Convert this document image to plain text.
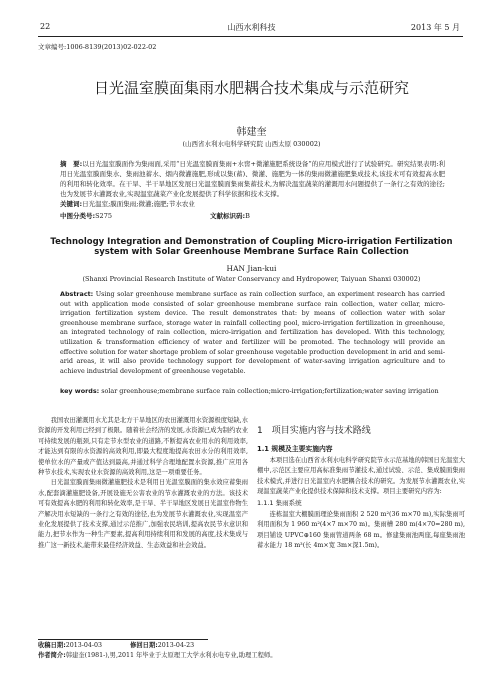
22	山西水利科技	2013 年 5 月
文章编号:1006-8139(2013)02-022-02
日光温室膜面集雨水肥耦合技术集成与示范研究
韩建奎
(山西省水利水电科学研究院 山西太原 030002)
摘　要:以日光温室膜面作为集雨面,采用“日光温室膜面集雨+水窖+微灌施肥系统设备”的应用模式进行了试验研究。研究结果表明:利用日光温室膜面集水、集雨池蓄水、烟内微灌施肥,形成以集(蓄)、微灌、施肥为一体的集雨微灌施肥集成技术,该技术可有效提高水肥的利用和转化效率。在干旱、半干旱地区发展日光温室膜面集雨集蓄技术,为解决温室蔬菜的灌溉用水问题提供了一条行之有效的途径;也为发展节水灌溉农业,实现温室蔬菜产业化发展提供了科学依据和技术支撑。
关键词:日光温室;膜面集雨;微灌;施肥;节水农业
中图分类号:S275	文献标识码:B
Technology Integration and Demonstration of Coupling Micro-irrigation Fertilization system with Solar Greenhouse Membrane Surface Rain Collection
HAN Jian-kui
(Shanxi Provincial Research Institute of Water Conservancy and Hydropower, Taiyuan Shanxi 030002)
Abstract: Using solar greenhouse membrane surface as rain collection surface, an experiment research has carried out with application mode consisted of solar greenhouse membrane surface rain collection, water cellar, micro-irrigation fertilization system device. The result demonstrates that: by means of collection water with solar greenhouse membrane surface, storage water in rainfall collecting pool, micro-irrigation fertilization in greenhouse, an integrated technology of rain collection, micro-irrigation and fertilization has developed. With this technology, utilization & transformation efficiency of water and fertilizer will be promoted. The technology will provide an effective solution for water shortage problem of solar greenhouse vegetable production development in arid and semi-arid areas, it will also provide technology support for development of water-saving irrigation agriculture and to achieve industrial development of greenhouse vegetable.
key words: solar greenhouse;membrane surface rain collection;micro-irrigation;fertilization;water saving irrigation

我国农田灌溉用水尤其是北方干旱地区的农田灌溉用水资源极度短缺,水资源的开发利用已经到了极限。随着社会经济的发展,水资源已成为制约农业可持续发展的瓶颈,只有走节水型农业的道路,不断提高农业用水的利用效率,才能达到有限的水资源的高效利用,即最大程度地提高农田水分的利用效率,使单位水的产量或产值达到最高,并通过科学合理地配置水资源,推广应用各种节水技术,实现农业水资源的高效利用,这是一项重要任务。

日光温室膜面集雨微灌施肥技术是利用日光温室膜面的集水效应蓄集雨水,配套滴灌施肥设备,开展设施无公害农业的节水灌溉农业的方法。该技术可有效提高水肥的利用和转化效率,是干旱、半干旱地区发展日光温室作物生产解决用水短缺的一条行之有效的途径,也为发展节水灌溉农业,实现温室产业化发展提供了技术支撑,通过示范推广,加强农民培训,提高农民节水意识和能力,把节水作为一种生产要素,提高利用持续利用和发展的高度,技术集成与推广这一新技术,能带来最佳经济效益、生态效益和社会效益。

1　项目实施内容与技术路线
1.1 规模及主要实施内容

本项目选在山西省水利水电科学研究院节水示范基地的韩国日光温室大棚中,示范区主要应用高标准集雨节灌技术,通过试验、示范、集成膜面集雨技术模式,并进行日光温室内水肥耦合技术的研究。为发展节水灌溉农业,实现温室蔬菜产业化提供技术保障和技术支撑。项目主要研究内容为:

1.1.1 集雨系统

连栋温室大棚膜面理论集雨面积 2 520 m²(36 m×70 m),实际集雨可利用面积为 1 960 m²(4×7 m×70 m)。集雨槽 280 m(4×70=280 m),项目铺设 UPVC⊕160 集雨管道两条 68 m。修建集雨池两座,每座集雨池蓄水能力 18 m³(长 4m×宽 3m×深1.5m)。

收稿日期:2013-04-03	修回日期:2013-04-23
作者简介:韩建奎(1981-),男,2011 年毕业于太原理工大学水利水电专业,助理工程师。
